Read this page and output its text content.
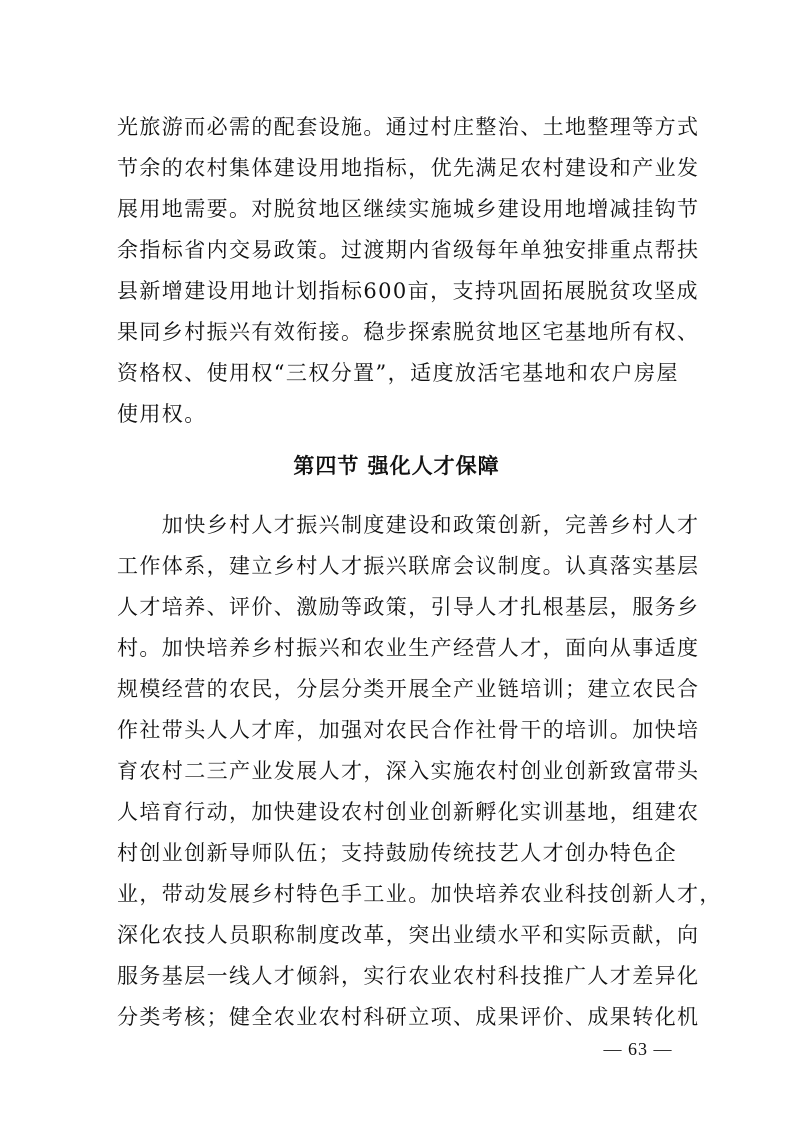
光旅游而必需的配套设施。通过村庄整治、土地整理等方式
节余的农村集体建设用地指标，优先满足农村建设和产业发
展用地需要。对脱贫地区继续实施城乡建设用地增减挂钩节
余指标省内交易政策。过渡期内省级每年单独安排重点帮扶
县新增建设用地计划指标600亩，支持巩固拓展脱贫攻坚成
果同乡村振兴有效衔接。稳步探索脱贫地区宅基地所有权、
资格权、使用权“三权分置”，适度放活宅基地和农户房屋
使用权。
第四节 强化人才保障
　　加快乡村人才振兴制度建设和政策创新，完善乡村人才
工作体系，建立乡村人才振兴联席会议制度。认真落实基层
人才培养、评价、激励等政策，引导人才扎根基层，服务乡
村。加快培养乡村振兴和农业生产经营人才，面向从事适度
规模经营的农民，分层分类开展全产业链培训；建立农民合
作社带头人人才库，加强对农民合作社骨干的培训。加快培
育农村二三产业发展人才，深入实施农村创业创新致富带头
人培育行动，加快建设农村创业创新孵化实训基地，组建农
村创业创新导师队伍；支持鼓励传统技艺人才创办特色企
业，带动发展乡村特色手工业。加快培养农业科技创新人才，
深化农技人员职称制度改革，突出业绩水平和实际贡献，向
服务基层一线人才倾斜，实行农业农村科技推广人才差异化
分类考核；健全农业农村科研立项、成果评价、成果转化机
— 63 —
